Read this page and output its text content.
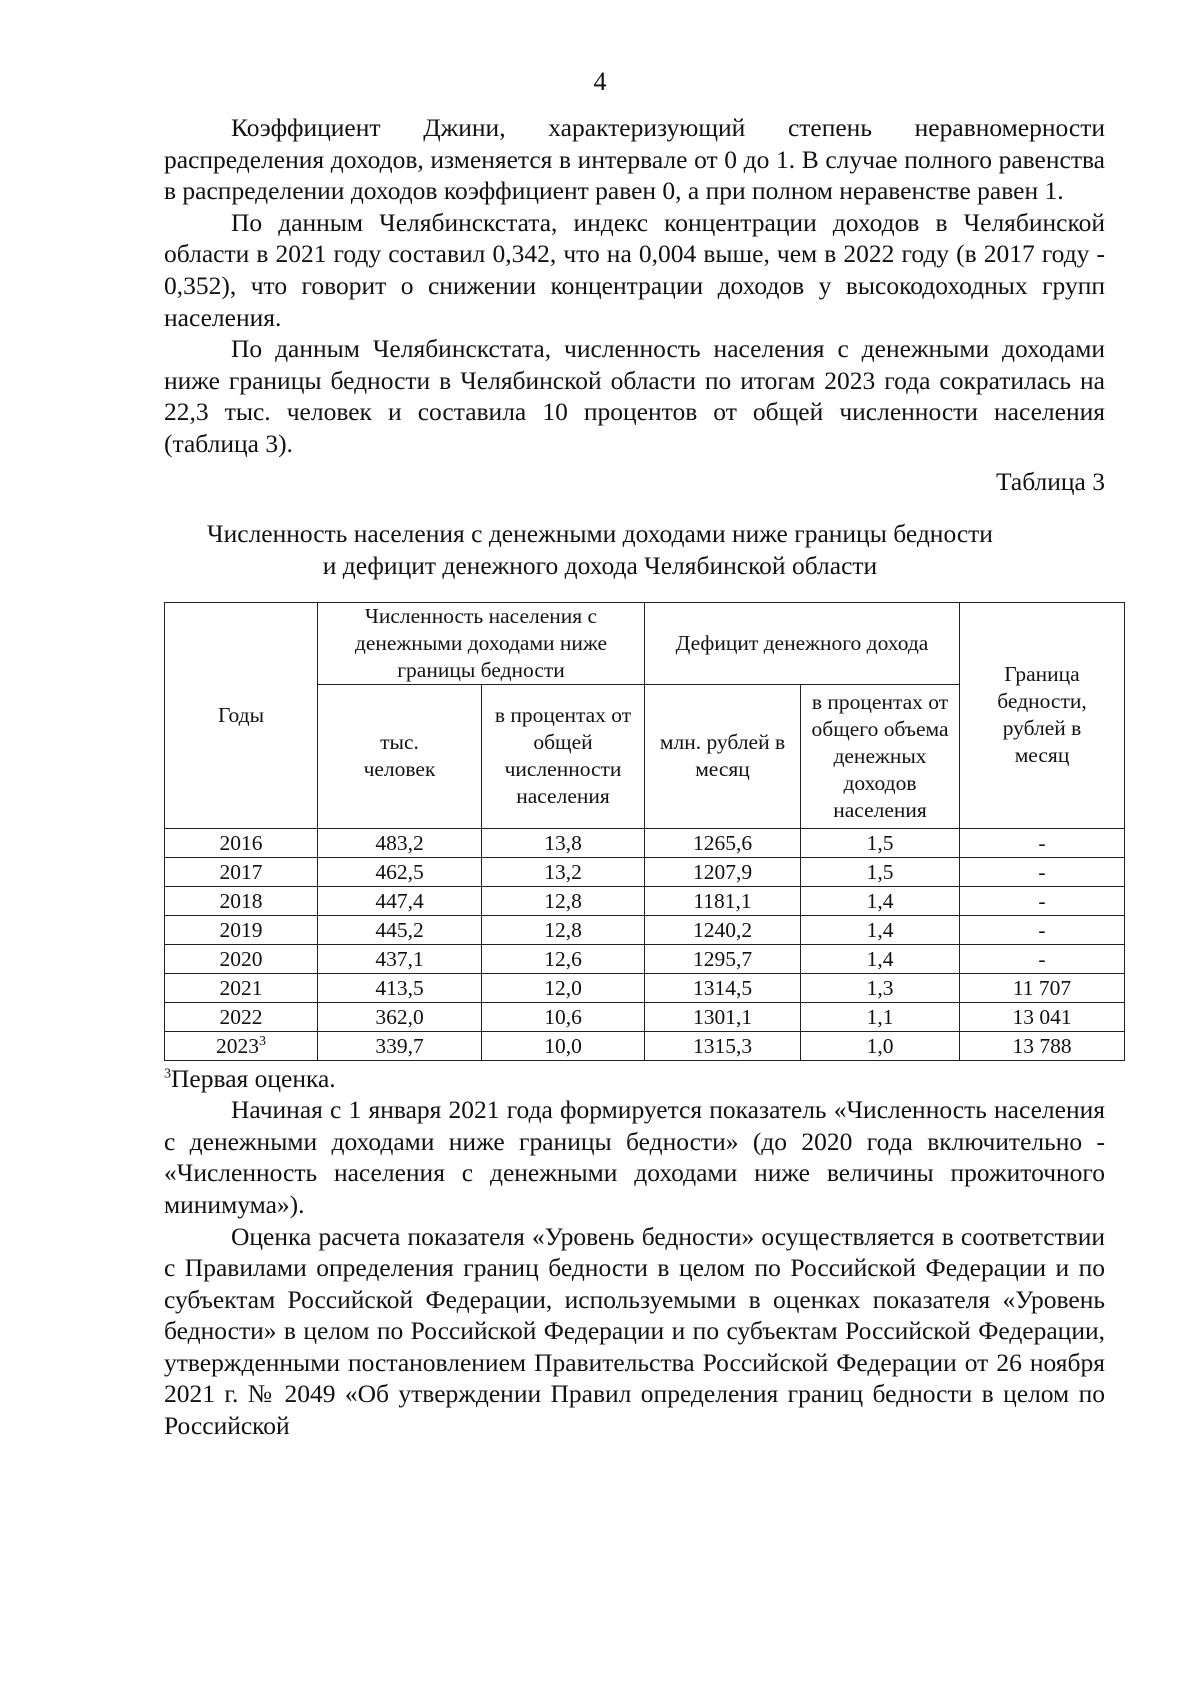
4

Коэффициент Джини, характеризующий степень неравномерности распределения доходов, изменяется в интервале от 0 до 1. В случае полного равенства в распределении доходов коэффициент равен 0, а при полном неравенстве равен 1.

По данным Челябинскстата, индекс концентрации доходов в Челябинской области в 2021 году составил 0,342, что на 0,004 выше, чем в 2022 году (в 2017 году - 0,352), что говорит о снижении концентрации доходов у высокодоходных групп населения.

По данным Челябинскстата, численность населения с денежными доходами ниже границы бедности в Челябинской области по итогам 2023 года сократилась на 22,3 тыс. человек и составила 10 процентов от общей численности населения (таблица 3).

Таблица 3
Численность населения с денежными доходами ниже границы бедности
и дефицит денежного дохода Челябинской области
Годы	Численность населения с денежными доходами ниже границы бедности		Дефицит денежного дохода		Граница бедности, рублей в месяц
	тыс. человек	в процентах от общей численности населения	млн. рублей в месяц	в процентах от общего объема денежных доходов населения	
2016	483,2	13,8	1265,6	1,5	-
2017	462,5	13,2	1207,9	1,5	-
2018	447,4	12,8	1181,1	1,4	-
2019	445,2	12,8	1240,2	1,4	-
2020	437,1	12,6	1295,7	1,4	-
2021	413,5	12,0	1314,5	1,3	11 707
2022	362,0	10,6	1301,1	1,1	13 041
2023$^3$	339,7	10,0	1315,3	1,0	13 788
$^3$Первая оценка.

Начиная с 1 января 2021 года формируется показатель «Численность населения с денежными доходами ниже границы бедности» (до 2020 года включительно - «Численность населения с денежными доходами ниже величины прожиточного минимума»).

Оценка расчета показателя «Уровень бедности» осуществляется в соответствии с Правилами определения границ бедности в целом по Российской Федерации и по субъектам Российской Федерации, используемыми в оценках показателя «Уровень бедности» в целом по Российской Федерации и по субъектам Российской Федерации, утвержденными постановлением Правительства Российской Федерации от 26 ноября 2021 г. № 2049 «Об утверждении Правил определения границ бедности в целом по Российской
